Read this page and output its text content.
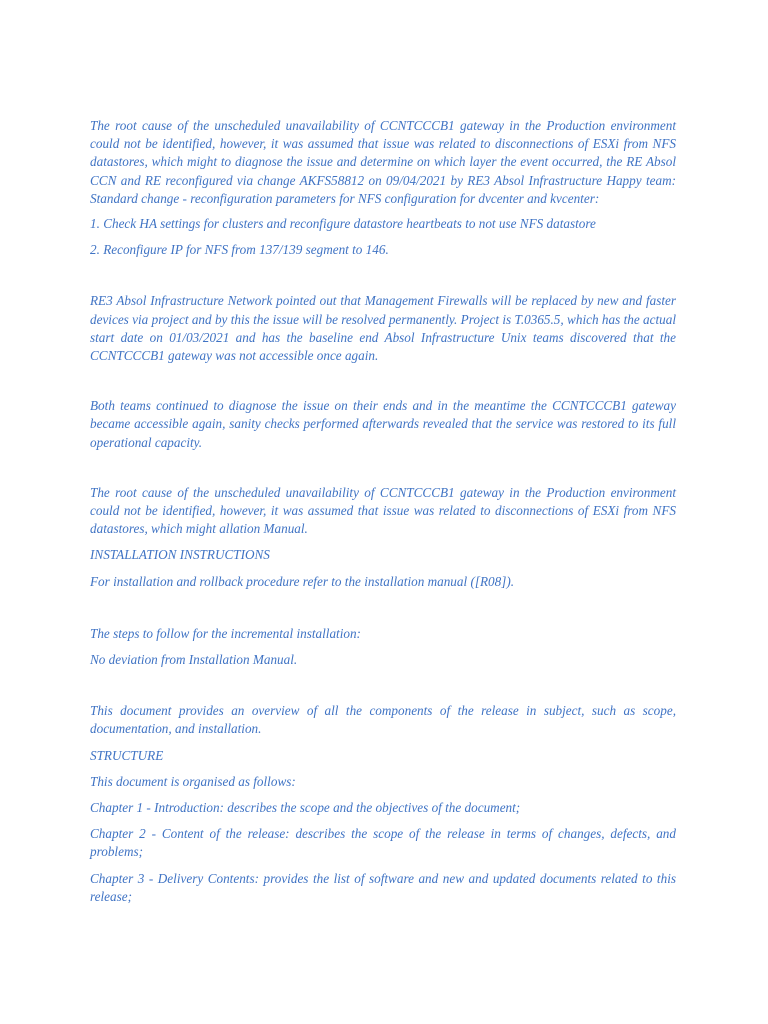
The root cause of the unscheduled unavailability of CCNTCCCB1 gateway in the Production environment could not be identified, however, it was assumed that issue was related to disconnections of ESXi from NFS datastores, which might to diagnose the issue and determine on which layer the event occurred, the RE Absol CCN and RE reconfigured via change AKFS58812 on 09/04/2021 by RE3 Absol Infrastructure Happy team: Standard change - reconfiguration parameters for NFS configuration for dvcenter and kvcenter:

1. Check HA settings for clusters and reconfigure datastore heartbeats to not use NFS datastore

2. Reconfigure IP for NFS from 137/139 segment to 146.

RE3 Absol Infrastructure Network pointed out that Management Firewalls will be replaced by new and faster devices via project and by this the issue will be resolved permanently. Project is T.0365.5, which has the actual start date on 01/03/2021 and has the baseline end Absol Infrastructure Unix teams discovered that the CCNTCCCB1 gateway was not accessible once again.

Both teams continued to diagnose the issue on their ends and in the meantime the CCNTCCCB1 gateway became accessible again, sanity checks performed afterwards revealed that the service was restored to its full operational capacity.

The root cause of the unscheduled unavailability of CCNTCCCB1 gateway in the Production environment could not be identified, however, it was assumed that issue was related to disconnections of ESXi from NFS datastores, which might allation Manual.

INSTALLATION INSTRUCTIONS

For installation and rollback procedure refer to the installation manual ([R08]).

The steps to follow for the incremental installation:

No deviation from Installation Manual.

This document provides an overview of all the components of the release in subject, such as scope, documentation, and installation.

STRUCTURE

This document is organised as follows:

Chapter 1 - Introduction: describes the scope and the objectives of the document;

Chapter 2 - Content of the release: describes the scope of the release in terms of changes, defects, and problems;

Chapter 3 - Delivery Contents: provides the list of software and new and updated documents related to this release;
